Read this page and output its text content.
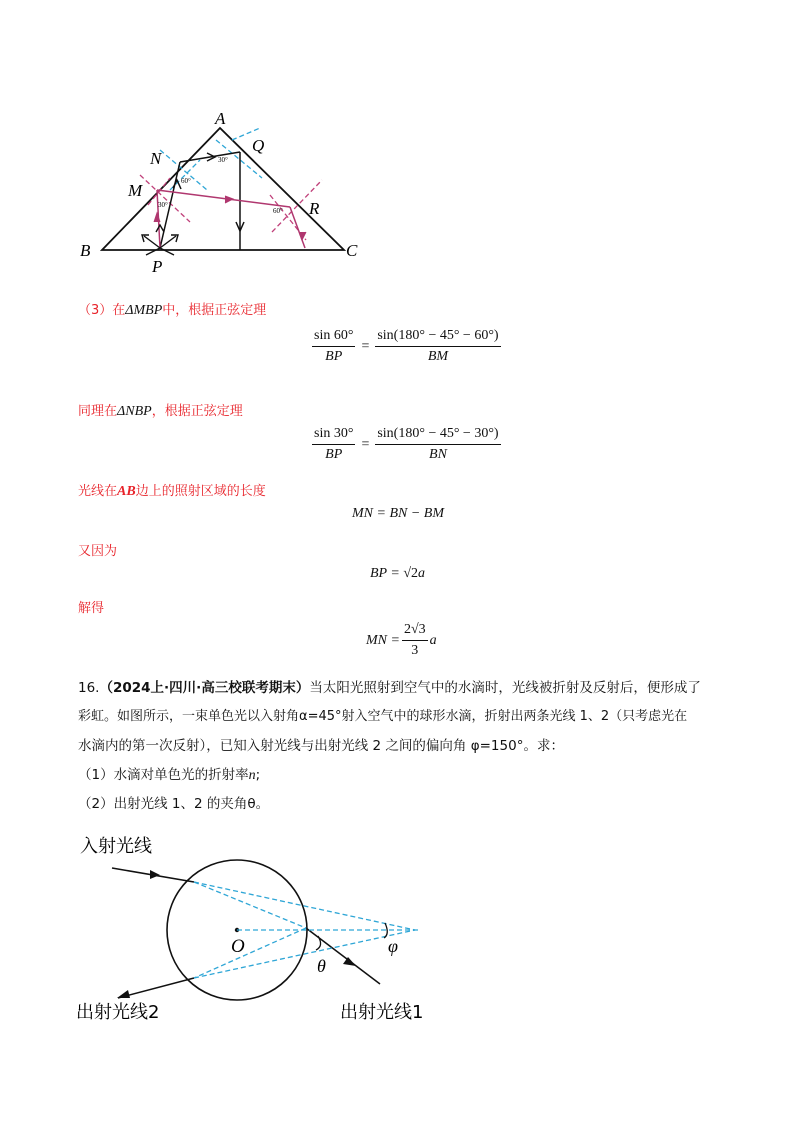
A
B	C
P
M
N
Q
R
30°
60°
30°
60°
（3）在ΔMBP中，根据正弦定理
$\frac{\sin 60^\circ}{BP} = \frac{\sin(180^\circ - 45^\circ - 60^\circ)}{BM}$
同理在ΔNBP，根据正弦定理
$\frac{\sin 30^\circ}{BP} = \frac{\sin(180^\circ - 45^\circ - 30^\circ)}{BN}$
光线在AB边上的照射区域的长度
MN = BN − BM
又因为
BP = √2a
解得
MN = $\frac{2√3}{3}$ a
16.（2024上·四川·高三校联考期末）当太阳光照射到空气中的水滴时，光线被折射及反射后，便形成了
彩虹。如图所示，一束单色光以入射角α=45°射入空气中的球形水滴，折射出两条光线 1、2（只考虑光在
水滴内的第一次反射），已知入射光线与出射光线 2 之间的偏向角 φ=150°。求：
（1）水滴对单色光的折射率n;
（2）出射光线 1、2 的夹角θ。
入射光线
出射光线2	出射光线1
O
θ
φ
